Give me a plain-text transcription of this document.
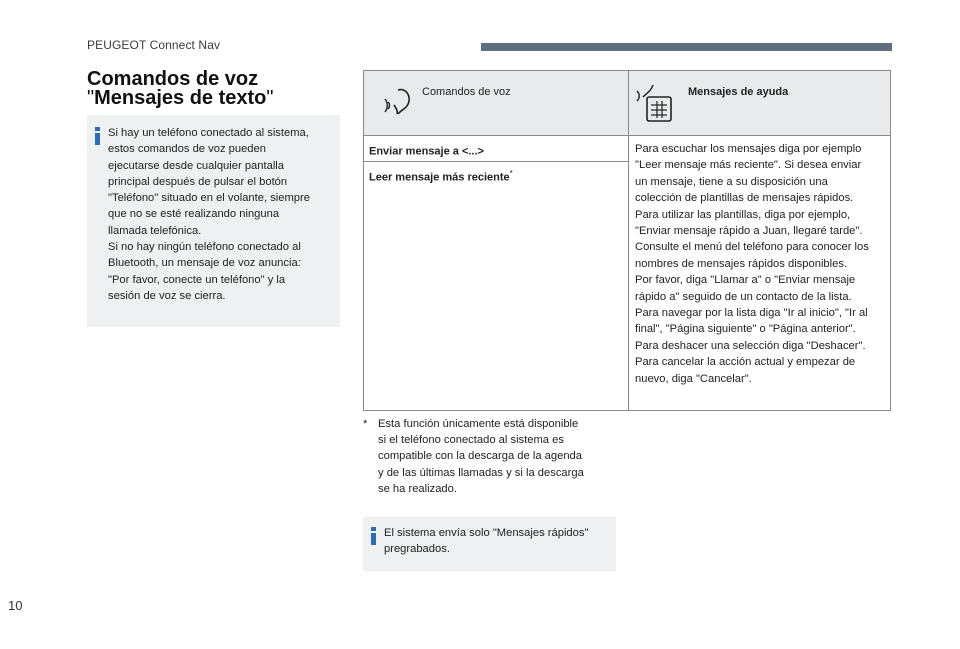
PEUGEOT Connect Nav
Comandos de voz
"Mensajes de texto"
Si hay un teléfono conectado al sistema,
estos comandos de voz pueden
ejecutarse desde cualquier pantalla
principal después de pulsar el botón
"Teléfono" situado en el volante, siempre
que no se esté realizando ninguna
llamada telefónica.
Si no hay ningún teléfono conectado al
Bluetooth, un mensaje de voz anuncia:
"Por favor, conecte un teléfono" y la
sesión de voz se cierra.
Comandos de voz	Mensajes de ayuda
Enviar mensaje a <...>
Leer mensaje más reciente*
Para escuchar los mensajes diga por ejemplo
"Leer mensaje más reciente". Si desea enviar
un mensaje, tiene a su disposición una
colección de plantillas de mensajes rápidos.
Para utilizar las plantillas, diga por ejemplo,
"Enviar mensaje rápido a Juan, llegaré tarde".
Consulte el menú del teléfono para conocer los
nombres de mensajes rápidos disponibles.
Por favor, diga "Llamar a" o "Enviar mensaje
rápido a" seguido de un contacto de la lista.
Para navegar por la lista diga "Ir al inicio", "Ir al
final", "Página siguiente" o "Página anterior".
Para deshacer una selección diga "Deshacer".
Para cancelar la acción actual y empezar de
nuevo, diga "Cancelar".
* Esta función únicamente está disponible
si el teléfono conectado al sistema es
compatible con la descarga de la agenda
y de las últimas llamadas y si la descarga
se ha realizado.
El sistema envía solo "Mensajes rápidos"
pregrabados.
10
